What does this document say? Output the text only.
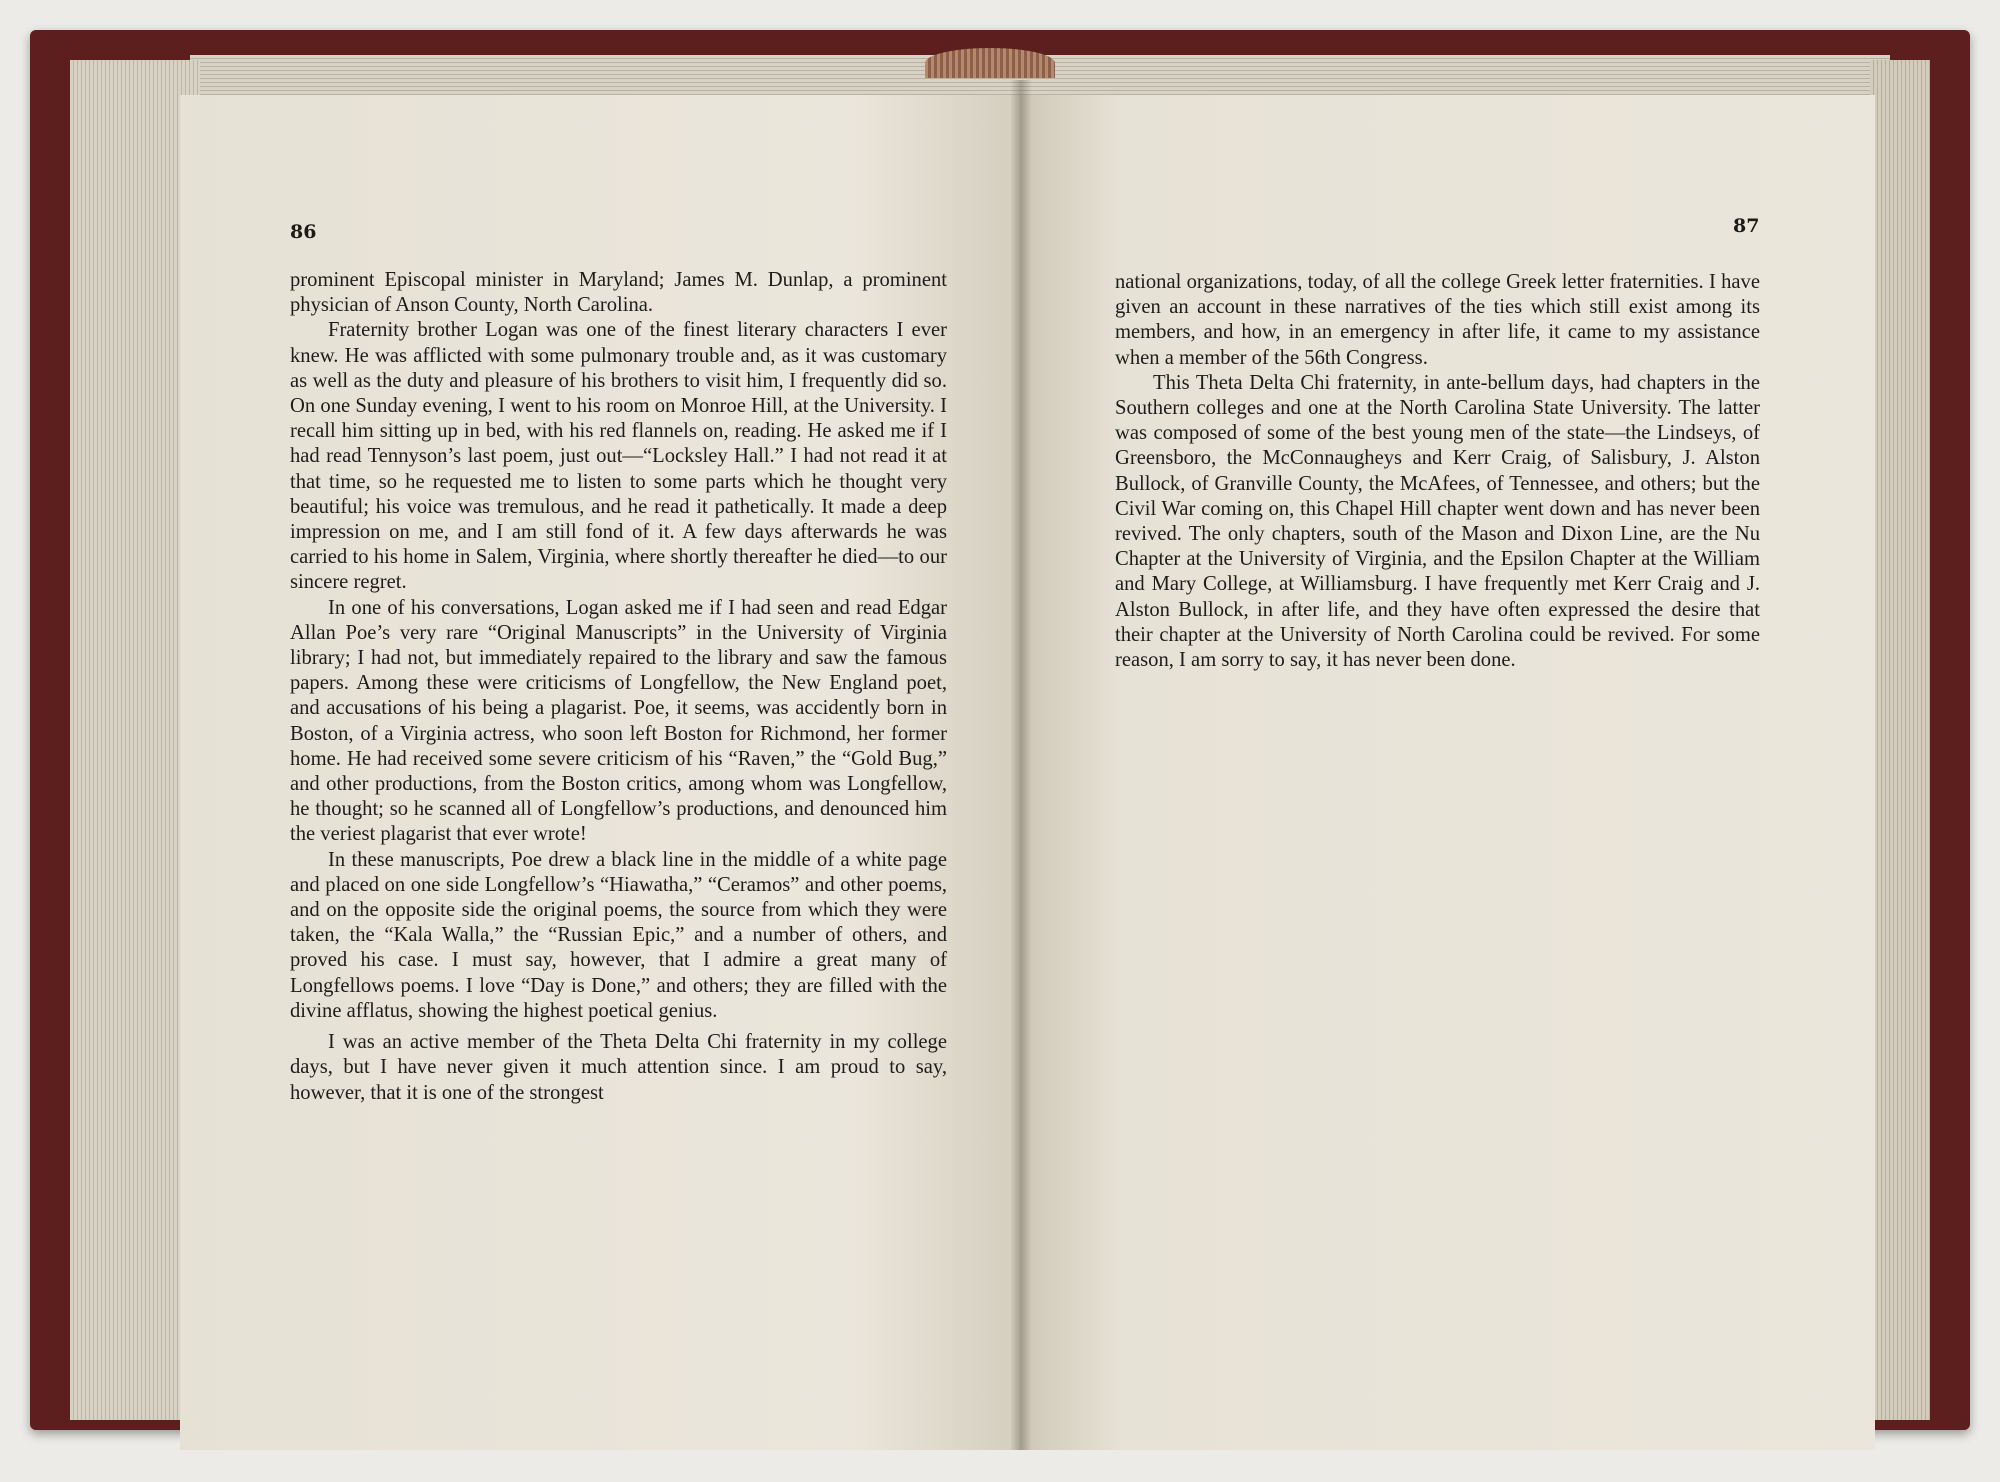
86	87

prominent Episcopal minister in Maryland; James M. Dunlap, a prominent physician of Anson County, North Carolina.

Fraternity brother Logan was one of the finest literary characters I ever knew. He was afflicted with some pulmonary trouble and, as it was customary as well as the duty and pleasure of his brothers to visit him, I frequently did so. On one Sunday evening, I went to his room on Monroe Hill, at the University. I recall him sitting up in bed, with his red flannels on, reading. He asked me if I had read Tennyson’s last poem, just out—“Locksley Hall.” I had not read it at that time, so he requested me to listen to some parts which he thought very beautiful; his voice was tremulous, and he read it pathetically. It made a deep impression on me, and I am still fond of it. A few days afterwards he was carried to his home in Salem, Virginia, where shortly thereafter he died—to our sincere regret.

In one of his conversations, Logan asked me if I had seen and read Edgar Allan Poe’s very rare “Original Manuscripts” in the University of Virginia library; I had not, but immediately repaired to the library and saw the famous papers. Among these were criticisms of Longfellow, the New England poet, and accusations of his being a plagarist. Poe, it seems, was accidently born in Boston, of a Virginia actress, who soon left Boston for Richmond, her former home. He had received some severe criticism of his “Raven,” the “Gold Bug,” and other productions, from the Boston critics, among whom was Longfellow, he thought; so he scanned all of Longfellow’s productions, and denounced him the veriest plagarist that ever wrote!

In these manuscripts, Poe drew a black line in the middle of a white page and placed on one side Longfellow’s “Hiawatha,” “Ceramos” and other poems, and on the opposite side the original poems, the source from which they were taken, the “Kala Walla,” the “Russian Epic,” and a number of others, and proved his case. I must say, however, that I admire a great many of Longfellows poems. I love “Day is Done,” and others; they are filled with the divine afflatus, showing the highest poetical genius.

I was an active member of the Theta Delta Chi fraternity in my college days, but I have never given it much attention since. I am proud to say, however, that it is one of the strongest

national organizations, today, of all the college Greek letter fraternities. I have given an account in these narratives of the ties which still exist among its members, and how, in an emergency in after life, it came to my assistance when a member of the 56th Congress.

This Theta Delta Chi fraternity, in ante-bellum days, had chapters in the Southern colleges and one at the North Carolina State University. The latter was composed of some of the best young men of the state—the Lindseys, of Greensboro, the McConnaugheys and Kerr Craig, of Salisbury, J. Alston Bullock, of Granville County, the McAfees, of Tennessee, and others; but the Civil War coming on, this Chapel Hill chapter went down and has never been revived. The only chapters, south of the Mason and Dixon Line, are the Nu Chapter at the University of Virginia, and the Epsilon Chapter at the William and Mary College, at Williamsburg. I have frequently met Kerr Craig and J. Alston Bullock, in after life, and they have often expressed the desire that their chapter at the University of North Carolina could be revived. For some reason, I am sorry to say, it has never been done.
